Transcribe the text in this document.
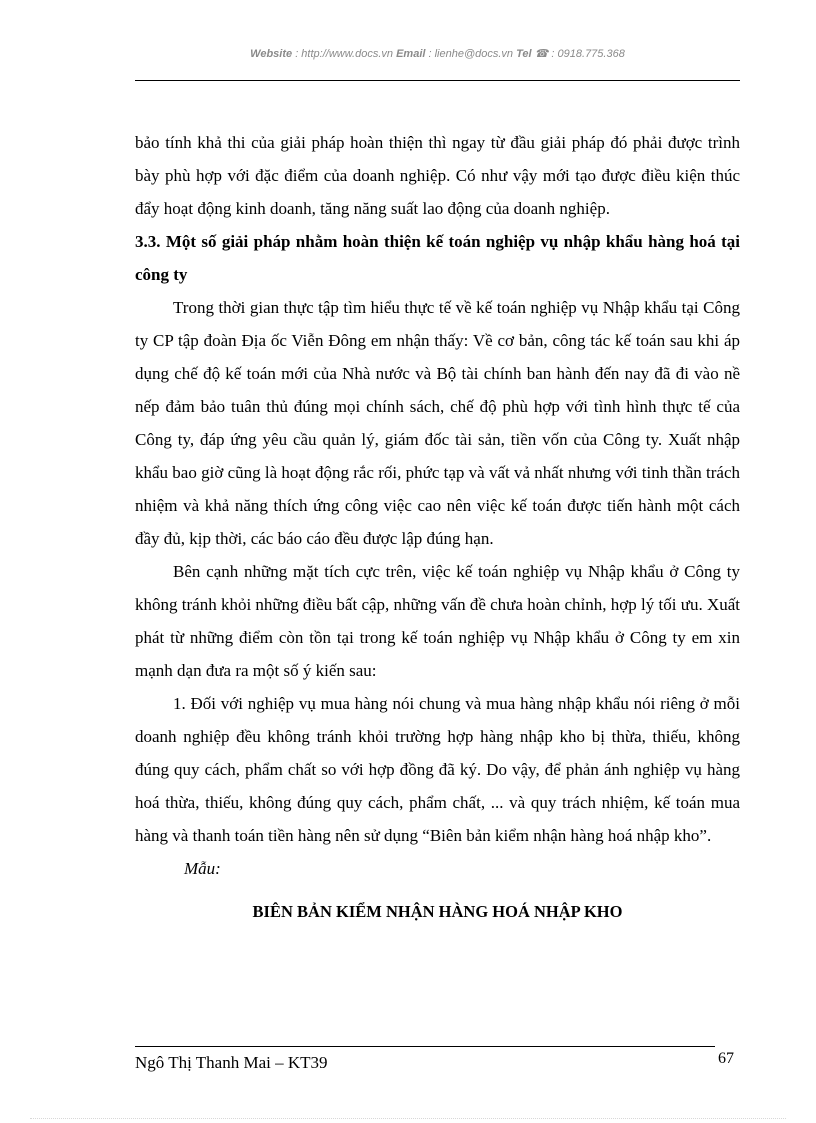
Website : http://www.docs.vn Email : lienhe@docs.vn Tel ☎ : 0918.775.368

bảo tính khả thi của giải pháp hoàn thiện thì ngay từ đầu giải pháp đó phải được trình bày phù hợp với đặc điểm của doanh nghiệp. Có như vậy mới tạo được điều kiện thúc đẩy hoạt động kinh doanh, tăng năng suất lao động của doanh nghiệp.

3.3. Một số giải pháp nhằm hoàn thiện kế toán nghiệp vụ nhập khẩu hàng hoá tại công ty

Trong thời gian thực tập tìm hiểu thực tế về kế toán nghiệp vụ Nhập khẩu tại Công ty CP tập đoàn Địa ốc Viễn Đông em nhận thấy: Về cơ bản, công tác kế toán sau khi áp dụng chế độ kế toán mới của Nhà nước và Bộ tài chính ban hành đến nay đã đi vào nề nếp đảm bảo tuân thủ đúng mọi chính sách, chế độ phù hợp với tình hình thực tế của Công ty, đáp ứng yêu cầu quản lý, giám đốc tài sản, tiền vốn của Công ty. Xuất nhập khẩu bao giờ cũng là hoạt động rắc rối, phức tạp và vất vả nhất nhưng với tinh thần trách nhiệm và khả năng thích ứng công việc cao nên việc kế toán được tiến hành một cách đầy đủ, kịp thời, các báo cáo đều được lập đúng hạn.

Bên cạnh những mặt tích cực trên, việc kế toán nghiệp vụ Nhập khẩu ở Công ty không tránh khỏi những điều bất cập, những vấn đề chưa hoàn chỉnh, hợp lý tối ưu. Xuất phát từ những điểm còn tồn tại trong kế toán nghiệp vụ Nhập khẩu ở Công ty em xin mạnh dạn đưa ra một số ý kiến sau:

1. Đối với nghiệp vụ mua hàng nói chung và mua hàng nhập khẩu nói riêng ở mỗi doanh nghiệp đều không tránh khỏi trường hợp hàng nhập kho bị thừa, thiếu, không đúng quy cách, phẩm chất so với hợp đồng đã ký. Do vậy, để phản ánh nghiệp vụ hàng hoá thừa, thiếu, không đúng quy cách, phẩm chất, ... và quy trách nhiệm, kế toán mua hàng và thanh toán tiền hàng nên sử dụng “Biên bản kiểm nhận hàng hoá nhập kho”.

Mẫu:

BIÊN BẢN KIỂM NHẬN HÀNG HOÁ NHẬP KHO

Ngô Thị Thanh Mai – KT39	67
